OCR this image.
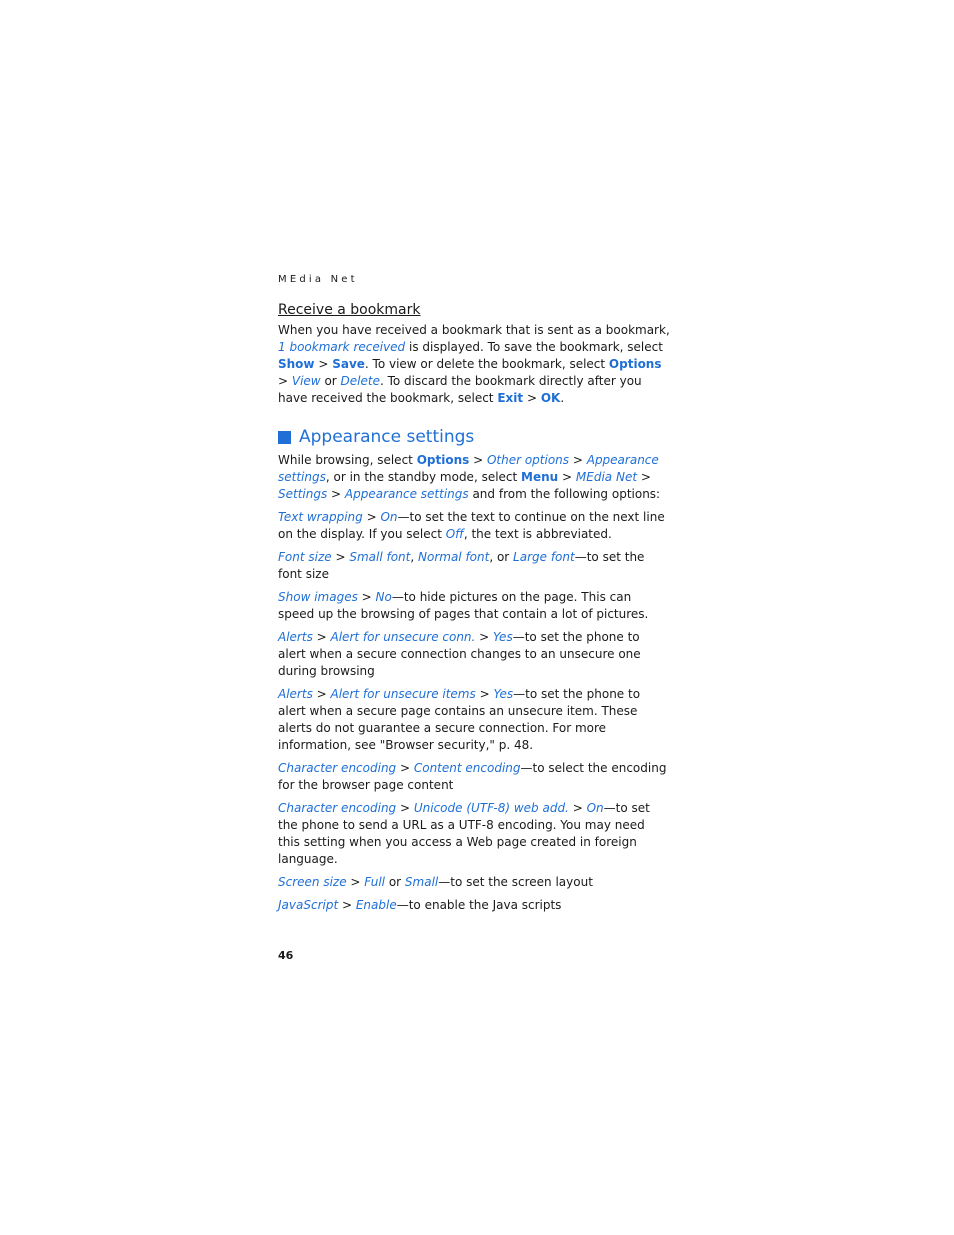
MEdia Net
Receive a bookmark

When you have received a bookmark that is sent as a bookmark, 1 bookmark received is displayed. To save the bookmark, select Show > Save. To view or delete the bookmark, select Options > View or Delete. To discard the bookmark directly after you have received the bookmark, select Exit > OK.

Appearance settings

While browsing, select Options > Other options > Appearance settings, or in the standby mode, select Menu > MEdia Net > Settings > Appearance settings and from the following options:

Text wrapping > On—to set the text to continue on the next line on the display. If you select Off, the text is abbreviated.

Font size > Small font, Normal font, or Large font—to set the font size

Show images > No—to hide pictures on the page. This can speed up the browsing of pages that contain a lot of pictures.

Alerts > Alert for unsecure conn. > Yes—to set the phone to alert when a secure connection changes to an unsecure one during browsing

Alerts > Alert for unsecure items > Yes—to set the phone to alert when a secure page contains an unsecure item. These alerts do not guarantee a secure connection. For more information, see "Browser security," p. 48.

Character encoding > Content encoding—to select the encoding for the browser page content

Character encoding > Unicode (UTF-8) web add. > On—to set the phone to send a URL as a UTF-8 encoding. You may need this setting when you access a Web page created in foreign language.

Screen size > Full or Small—to set the screen layout

JavaScript > Enable—to enable the Java scripts

46
